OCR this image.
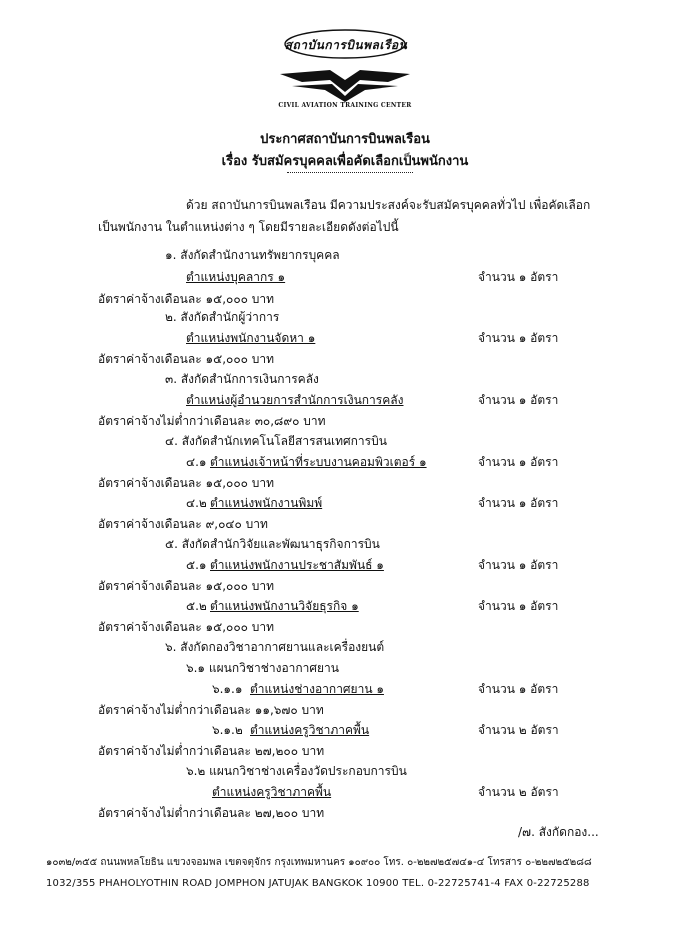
สถาบันการบินพลเรือน
CIVIL AVIATION TRAINING CENTER
ประกาศสถาบันการบินพลเรือน
เรื่อง รับสมัครบุคคลเพื่อคัดเลือกเป็นพนักงาน
ด้วย สถาบันการบินพลเรือน มีความประสงค์จะรับสมัครบุคคลทั่วไป เพื่อคัดเลือก
เป็นพนักงาน ในตำแหน่งต่าง ๆ โดยมีรายละเอียดดังต่อไปนี้
๑. สังกัดสำนักงานทรัพยากรบุคคล
ตำแหน่งบุคลากร ๑	จำนวน ๑ อัตรา
อัตราค่าจ้างเดือนละ ๑๕,๐๐๐ บาท
๒. สังกัดสำนักผู้ว่าการ
ตำแหน่งพนักงานจัดหา ๑	จำนวน ๑ อัตรา
อัตราค่าจ้างเดือนละ ๑๕,๐๐๐ บาท
๓. สังกัดสำนักการเงินการคลัง
ตำแหน่งผู้อำนวยการสำนักการเงินการคลัง	จำนวน ๑ อัตรา
อัตราค่าจ้างไม่ต่ำกว่าเดือนละ ๓๐,๘๙๐ บาท
๔. สังกัดสำนักเทคโนโลยีสารสนเทศการบิน
๔.๑ ตำแหน่งเจ้าหน้าที่ระบบงานคอมพิวเตอร์ ๑	จำนวน ๑ อัตรา
อัตราค่าจ้างเดือนละ ๑๕,๐๐๐ บาท
๔.๒ ตำแหน่งพนักงานพิมพ์	จำนวน ๑ อัตรา
อัตราค่าจ้างเดือนละ ๙,๐๔๐ บาท
๕. สังกัดสำนักวิจัยและพัฒนาธุรกิจการบิน
๕.๑ ตำแหน่งพนักงานประชาสัมพันธ์ ๑	จำนวน ๑ อัตรา
อัตราค่าจ้างเดือนละ ๑๕,๐๐๐ บาท
๕.๒ ตำแหน่งพนักงานวิจัยธุรกิจ ๑	จำนวน ๑ อัตรา
อัตราค่าจ้างเดือนละ ๑๕,๐๐๐ บาท
๖. สังกัดกองวิชาอากาศยานและเครื่องยนต์
๖.๑ แผนกวิชาช่างอากาศยาน
๖.๑.๑ ตำแหน่งช่างอากาศยาน ๑	จำนวน ๑ อัตรา
อัตราค่าจ้างไม่ต่ำกว่าเดือนละ ๑๑,๖๗๐ บาท
๖.๑.๒ ตำแหน่งครูวิชาภาคพื้น	จำนวน ๒ อัตรา
อัตราค่าจ้างไม่ต่ำกว่าเดือนละ ๒๗,๒๐๐ บาท
๖.๒ แผนกวิชาช่างเครื่องวัดประกอบการบิน
ตำแหน่งครูวิชาภาคพื้น	จำนวน ๒ อัตรา
อัตราค่าจ้างไม่ต่ำกว่าเดือนละ ๒๗,๒๐๐ บาท
/๗. สังกัดกอง...
๑๐๓๒/๓๕๕ ถนนพหลโยธิน แขวงจอมพล เขตจตุจักร กรุงเทพมหานคร ๑๐๙๐๐ โทร. ๐-๒๒๗๒๕๗๔๑-๔ โทรสาร ๐-๒๒๗๒๕๒๘๘
1032/355 PHAHOLYOTHIN ROAD JOMPHON JATUJAK BANGKOK 10900 TEL. 0-22725741-4 FAX 0-22725288
